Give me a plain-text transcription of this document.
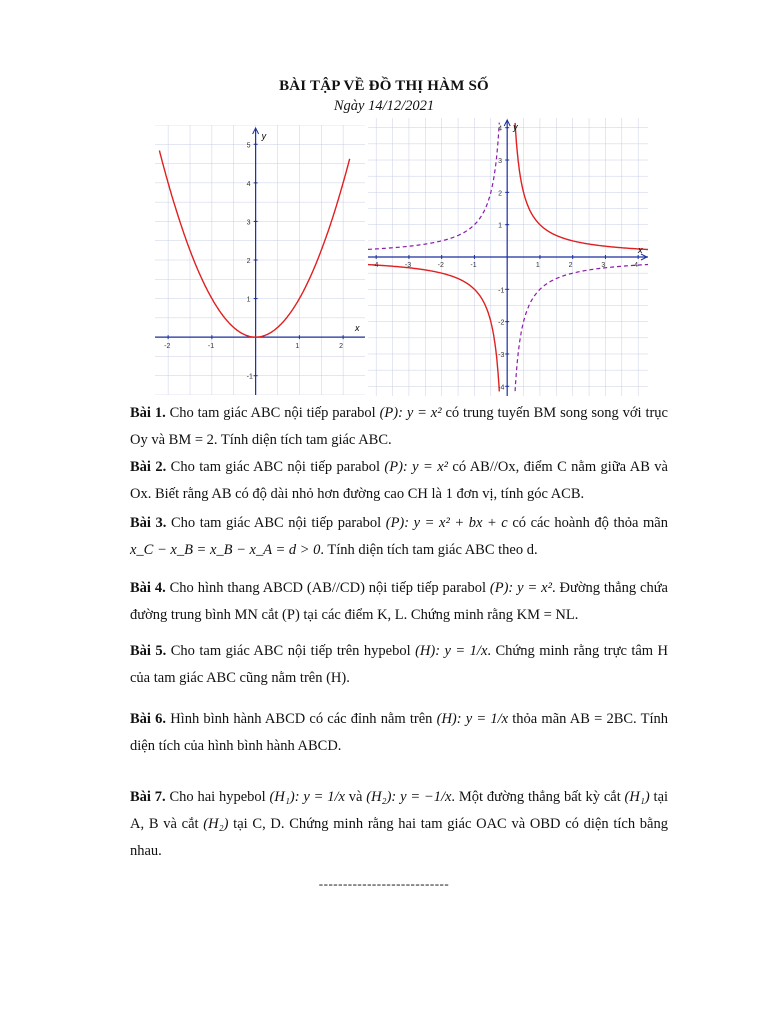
BÀI TẬP VỀ ĐỒ THỊ HÀM SỐ
Ngày 14/12/2021
-2	-1	1	2
5
4
3
2
1
-1
x
y
-4	-3	-2	-1	1	2	3	4
4
3
2
1
-1
-2
-3
-4
x
y
Bài 1. Cho tam giác ABC nội tiếp parabol (P): y = x² có trung tuyến BM song song với trục Oy và BM = 2. Tính diện tích tam giác ABC.
Bài 2. Cho tam giác ABC nội tiếp parabol (P): y = x² có AB//Ox, điểm C nằm giữa AB và Ox. Biết rằng AB có độ dài nhỏ hơn đường cao CH là 1 đơn vị, tính góc ACB.
Bài 3. Cho tam giác ABC nội tiếp parabol (P): y = x² + bx + c có các hoành độ thỏa mãn x_C − x_B = x_B − x_A = d > 0. Tính diện tích tam giác ABC theo d.
Bài 4. Cho hình thang ABCD (AB//CD) nội tiếp tiếp parabol (P): y = x². Đường thẳng chứa đường trung bình MN cắt (P) tại các điểm K, L. Chứng minh rằng KM = NL.
Bài 5. Cho tam giác ABC nội tiếp trên hypebol (H): y = 1/x. Chứng minh rằng trực tâm H của tam giác ABC cũng nằm trên (H).
Bài 6. Hình bình hành ABCD có các đỉnh nằm trên (H): y = 1/x thỏa mãn AB = 2BC. Tính diện tích của hình bình hành ABCD.
Bài 7. Cho hai hypebol (H₁): y = 1/x và (H₂): y = −1/x. Một đường thẳng bất kỳ cắt (H₁) tại A, B và cắt (H₂) tại C, D. Chứng minh rằng hai tam giác OAC và OBD có diện tích bằng nhau.
---------------------------
